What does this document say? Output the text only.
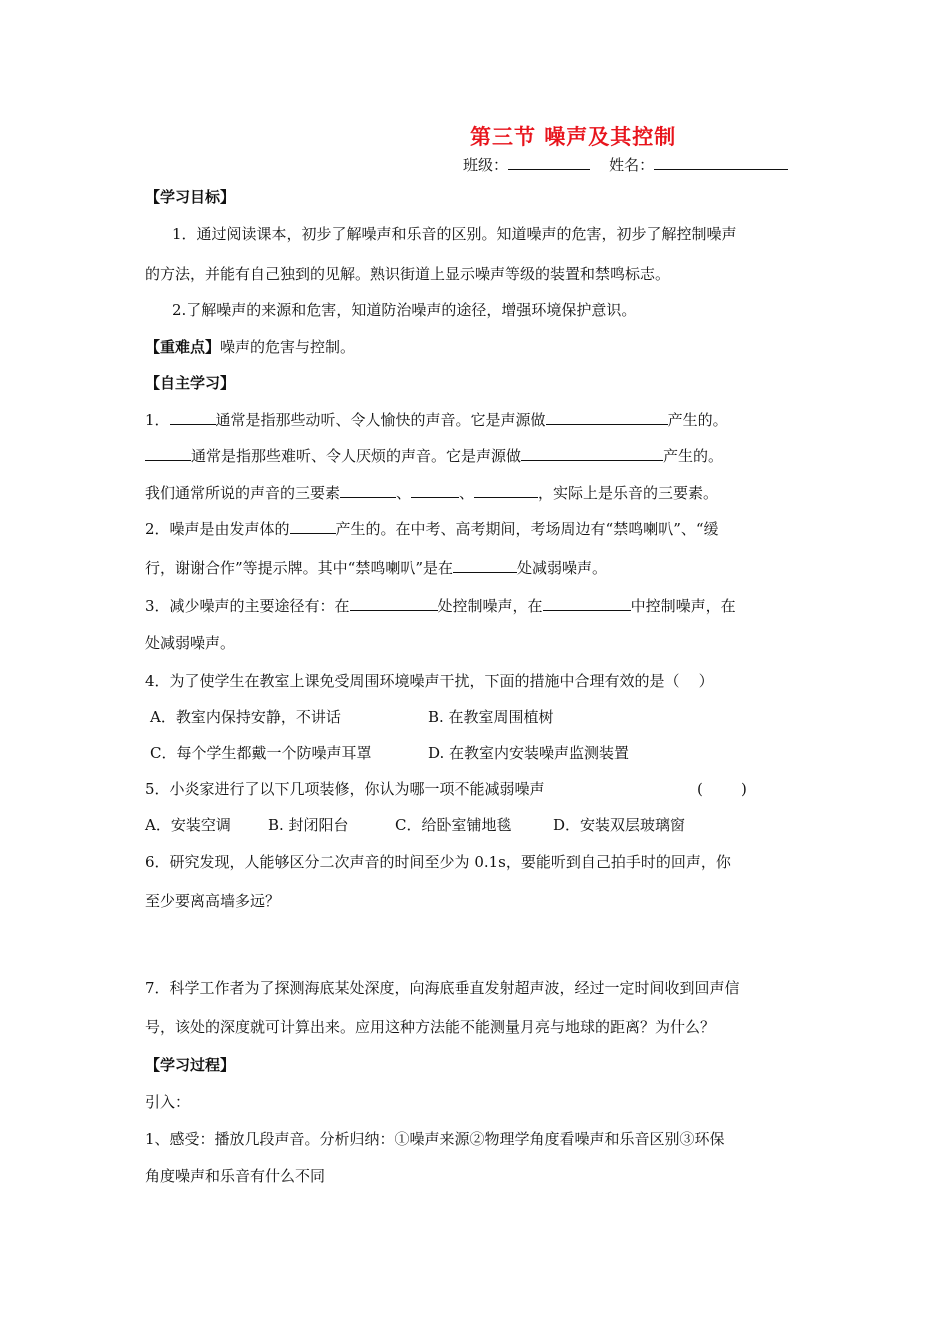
第三节 噪声及其控制
班级：	姓名：
【学习目标】
1．通过阅读课本，初步了解噪声和乐音的区别。知道噪声的危害，初步了解控制噪声
的方法，并能有自己独到的见解。熟识街道上显示噪声等级的装置和禁鸣标志。
2.了解噪声的来源和危害，知道防治噪声的途径，增强环境保护意识。
【重难点】噪声的危害与控制。
【自主学习】
1．	通常是指那些动听、令人愉快的声音。它是声源做	产生的。
通常是指那些难听、令人厌烦的声音。它是声源做	产生的。
我们通常所说的声音的三要素	、	、	，实际上是乐音的三要素。
2．噪声是由发声体的	产生的。在中考、高考期间，考场周边有“禁鸣喇叭”、“缓
行，谢谢合作”等提示牌。其中“禁鸣喇叭”是在	处减弱噪声。
3．减少噪声的主要途径有：在	处控制噪声，在	中控制噪声，在
处减弱噪声。
4．为了使学生在教室上课免受周围环境噪声干扰，下面的措施中合理有效的是（    ）
A．教室内保持安静，不讲话	B. 在教室周围植树
C．每个学生都戴一个防噪声耳罩	D. 在教室内安装噪声监测装置
5．小炎家进行了以下几项装修，你认为哪一项不能减弱噪声	(        )
A．安装空调 B. 封闭阳台	C．给卧室铺地毯	D．安装双层玻璃窗
6．研究发现，人能够区分二次声音的时间至少为 0.1s，要能听到自己拍手时的回声，你
至少要离高墙多远？
7．科学工作者为了探测海底某处深度，向海底垂直发射超声波，经过一定时间收到回声信
号，该处的深度就可计算出来。应用这种方法能不能测量月亮与地球的距离？为什么？
【学习过程】
引入：
1、感受：播放几段声音。分析归纳：①噪声来源②物理学角度看噪声和乐音区别③环保
角度噪声和乐音有什么不同
